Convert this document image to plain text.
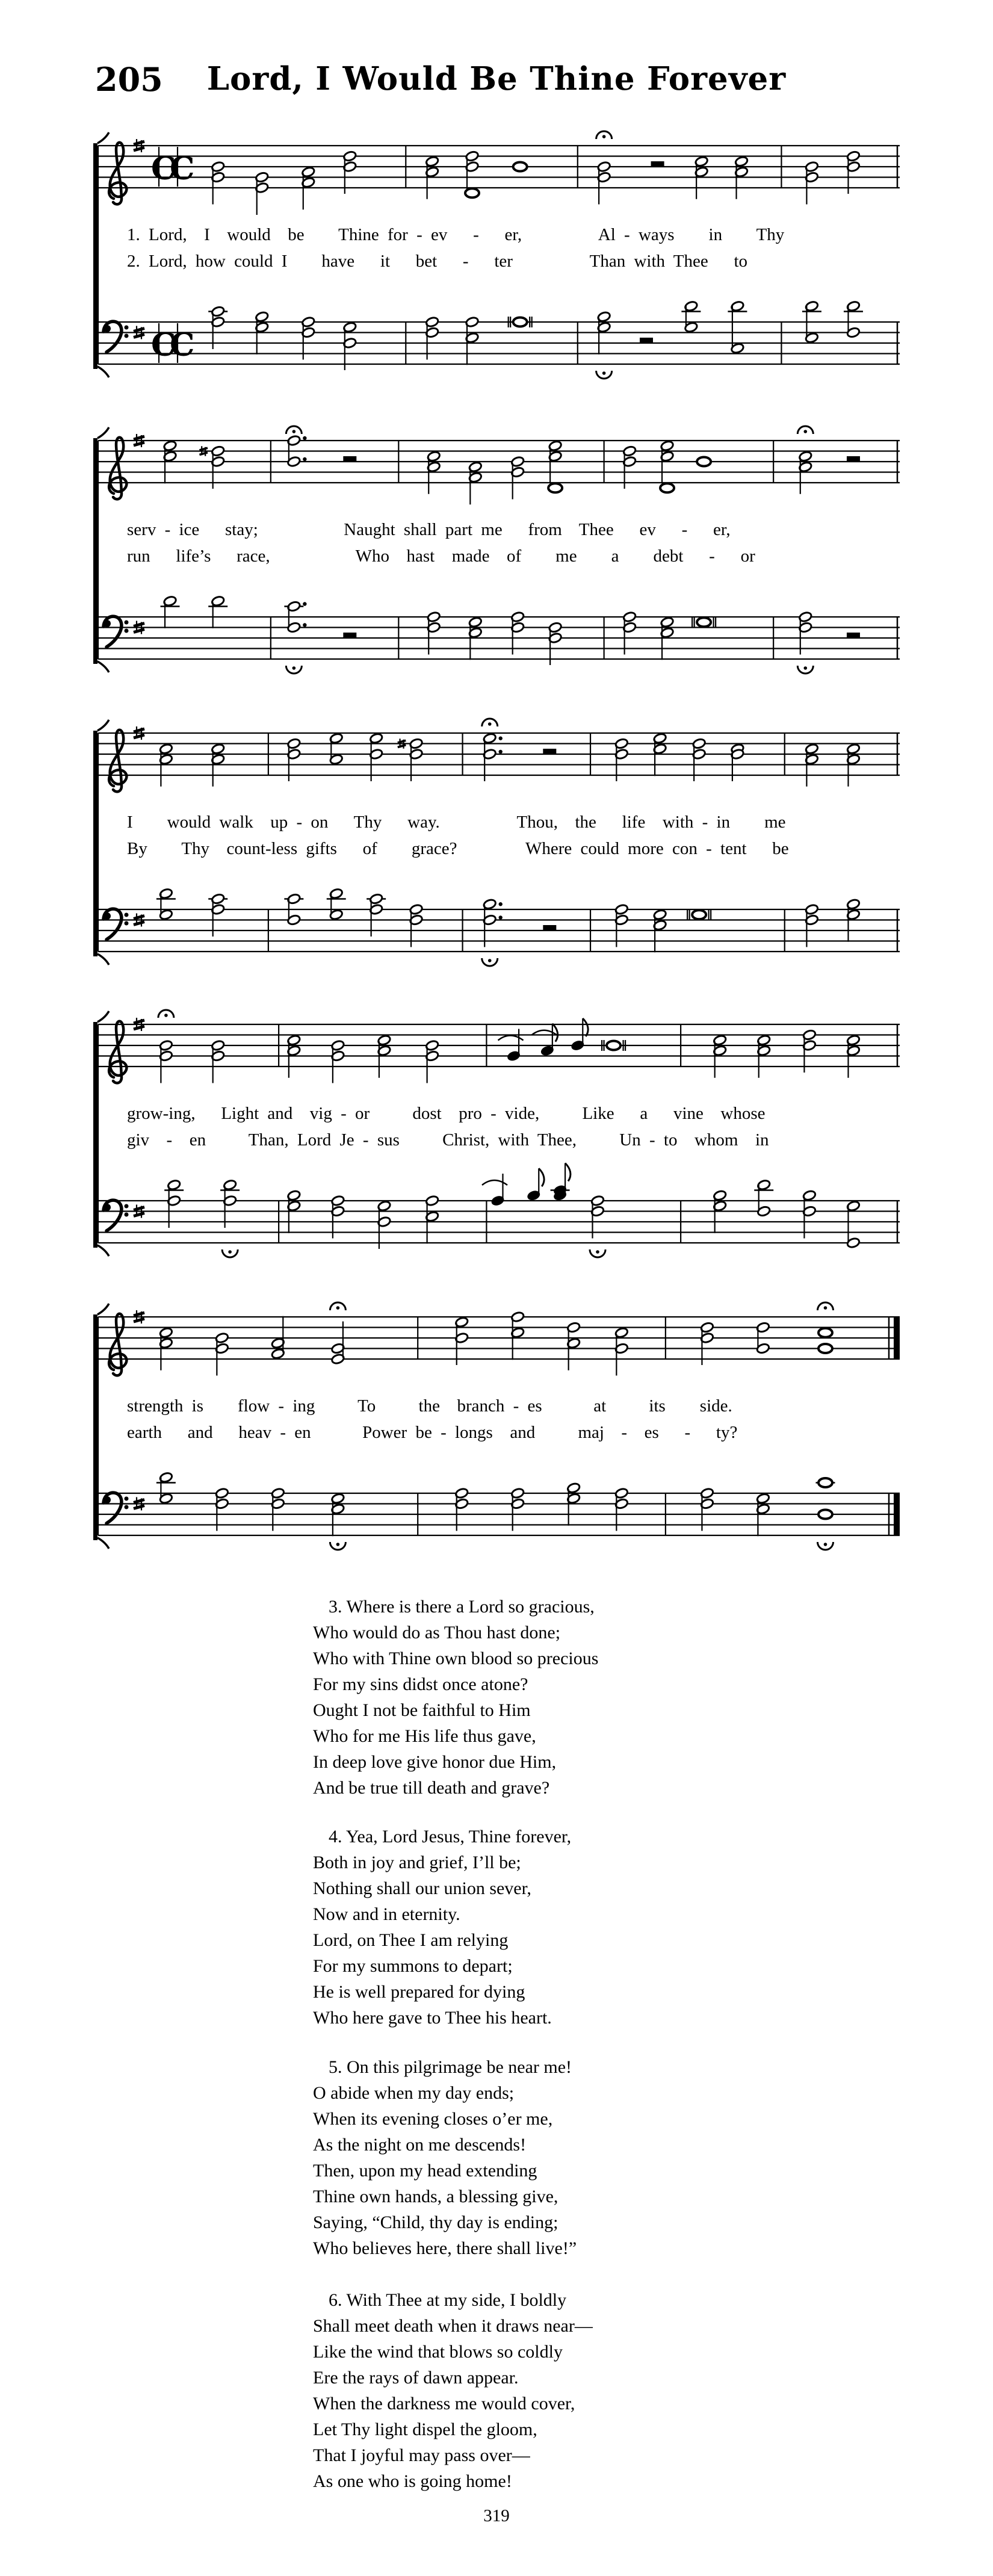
205	Lord, I Would Be Thine Forever
C
C
C
C
1. Lord,  I  would  be    Thine for - ev   -   er,         Al - ways    in    Thy
2. Lord, how could I    have   it   bet   -   ter         Than with Thee   to
serv - ice   stay;          Naught shall part me   from  Thee   ev   -   er,
run   life’s   race,          Who  hast  made  of    me    a    debt   -   or
I    would walk  up - on   Thy   way.         Thou,  the   life  with - in    me
By    Thy  count-less gifts   of    grace?        Where could more con - tent   be
grow-ing,   Light and  vig - or     dost  pro - vide,     Like   a   vine  whose
giv  -  en     Than, Lord Je - sus     Christ, with Thee,     Un - to  whom  in
strength is    flow - ing     To     the  branch - es      at     its    side.
earth   and   heav - en      Power be - longs  and     maj  -  es   -   ty?
3. Where is there a Lord so gracious,
Who would do as Thou hast done;
Who with Thine own blood so precious
For my sins didst once atone?
Ought I not be faithful to Him
Who for me His life thus gave,
In deep love give honor due Him,
And be true till death and grave?
4. Yea, Lord Jesus, Thine forever,
Both in joy and grief, I’ll be;
Nothing shall our union sever,
Now and in eternity.
Lord, on Thee I am relying
For my summons to depart;
He is well prepared for dying
Who here gave to Thee his heart.
5. On this pilgrimage be near me!
O abide when my day ends;
When its evening closes o’er me,
As the night on me descends!
Then, upon my head extending
Thine own hands, a blessing give,
Saying, “Child, thy day is ending;
Who believes here, there shall live!”
6. With Thee at my side, I boldly
Shall meet death when it draws near—
Like the wind that blows so coldly
Ere the rays of dawn appear.
When the darkness me would cover,
Let Thy light dispel the gloom,
That I joyful may pass over—
As one who is going home!
319
